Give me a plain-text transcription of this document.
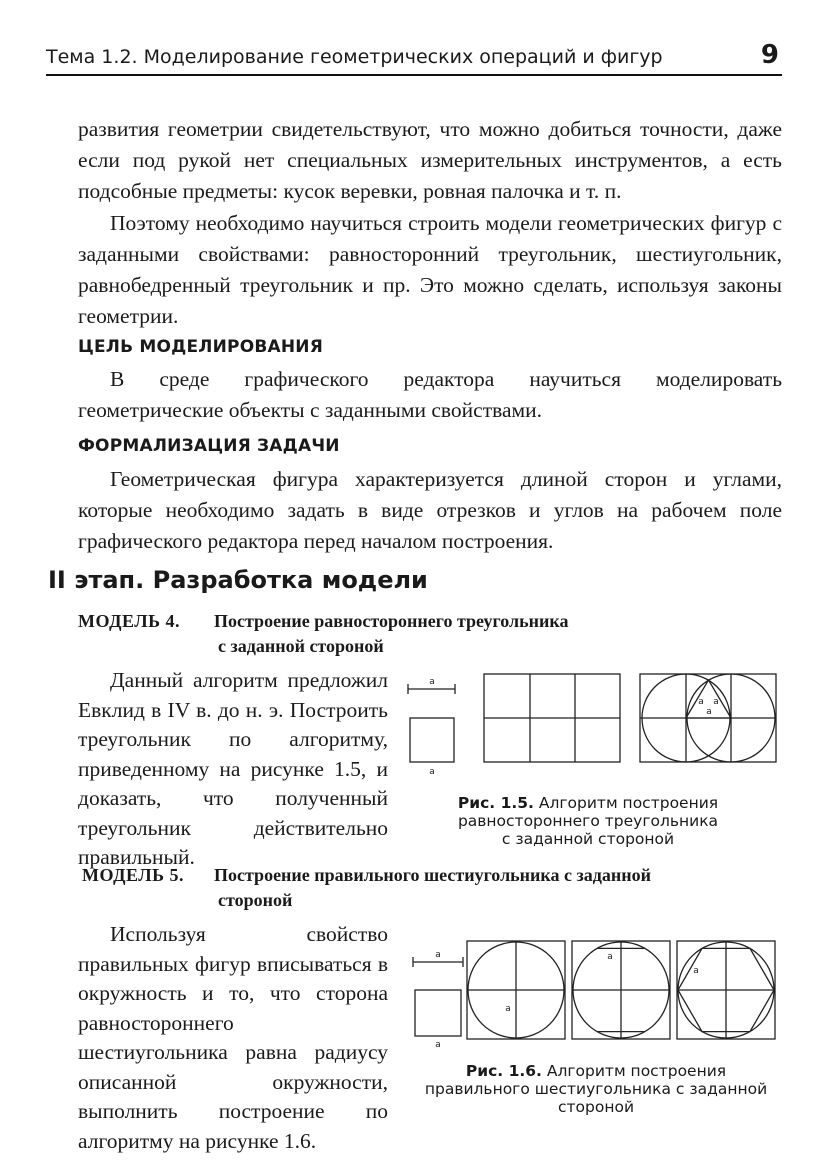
Тема 1.2. Моделирование геометрических операций и фигур	9
развития геометрии свидетельствуют, что можно добиться точности, даже если под рукой нет специальных измерительных инструментов, а есть подсобные предметы: кусок веревки, ровная палочка и т. п.
Поэтому необходимо научиться строить модели геометрических фигур с заданными свойствами: равносторонний треугольник, шестиугольник, равнобедренный треугольник и пр. Это можно сделать, используя законы геометрии.
ЦЕЛЬ МОДЕЛИРОВАНИЯ
В среде графического редактора научиться моделировать геометрические объекты с заданными свойствами.
ФОРМАЛИЗАЦИЯ ЗАДАЧИ
Геометрическая фигура характеризуется длиной сторон и углами, которые необходимо задать в виде отрезков и углов на рабочем поле графического редактора перед началом построения.
II этап. Разработка модели
МОДЕЛЬ 4. Построение равностороннего треугольника
с заданной стороной
Данный алгоритм предложил Евклид в IV в. до н. э. Построить треугольник по алгоритму, приведенному на рисунке 1.5, и доказать, что полученный треугольник действительно правильный.
a
a
a a
a
Рис. 1.5. Алгоритм построения
равностороннего треугольника
с заданной стороной
МОДЕЛЬ 5. Построение правильного шестиугольника с заданной
стороной
Используя свойство правильных фигур вписываться в окружность и то, что сторона равностороннего шестиугольника равна радиусу описанной окружности, выполнить построение по алгоритму на рисунке 1.6.
a
a
a
a
a
Рис. 1.6. Алгоритм построения
правильного шестиугольника с заданной
стороной
